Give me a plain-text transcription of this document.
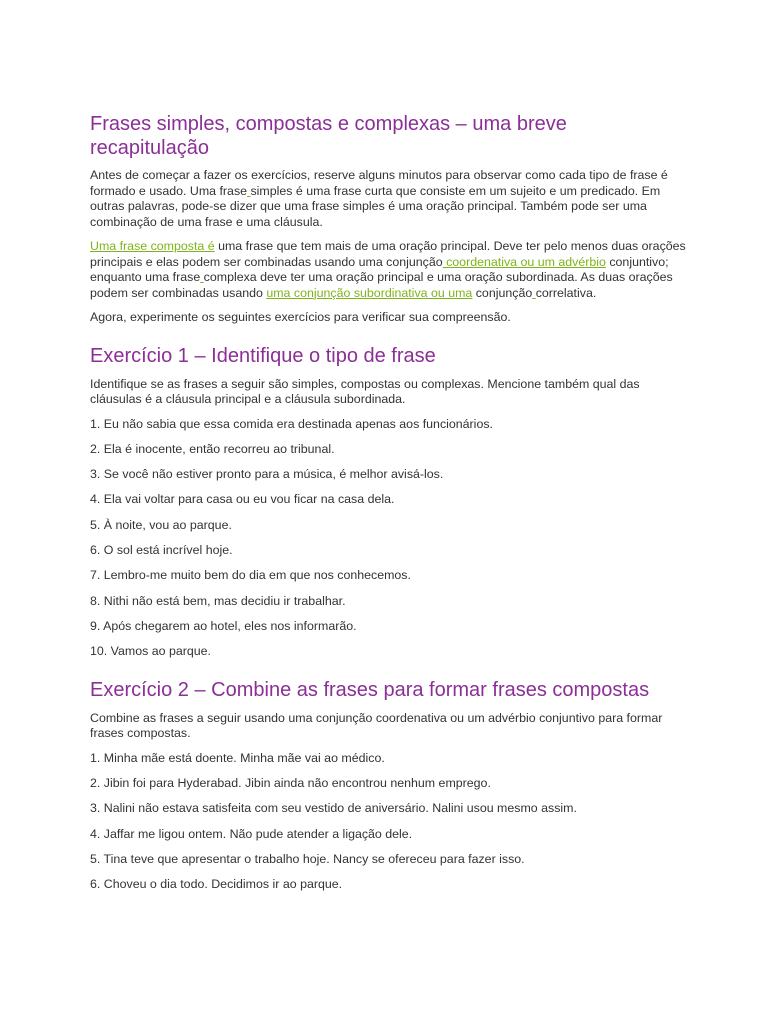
Frases simples, compostas e complexas – uma breve recapitulação

Antes de começar a fazer os exercícios, reserve alguns minutos para observar como cada tipo de frase é formado e usado. Uma frase simples é uma frase curta que consiste em um sujeito e um predicado. Em outras palavras, pode-se dizer que uma frase simples é uma oração principal. Também pode ser uma combinação de uma frase e uma cláusula.

Uma frase composta é uma frase que tem mais de uma oração principal. Deve ter pelo menos duas orações principais e elas podem ser combinadas usando uma conjunção coordenativa ou um advérbio conjuntivo; enquanto uma frase complexa deve ter uma oração principal e uma oração subordinada. As duas orações podem ser combinadas usando uma conjunção subordinativa ou uma conjunção correlativa.

Agora, experimente os seguintes exercícios para verificar sua compreensão.

Exercício 1 – Identifique o tipo de frase

Identifique se as frases a seguir são simples, compostas ou complexas. Mencione também qual das cláusulas é a cláusula principal e a cláusula subordinada.

1. Eu não sabia que essa comida era destinada apenas aos funcionários.

2. Ela é inocente, então recorreu ao tribunal.

3. Se você não estiver pronto para a música, é melhor avisá-los.

4. Ela vai voltar para casa ou eu vou ficar na casa dela.

5. À noite, vou ao parque.

6. O sol está incrível hoje.

7. Lembro-me muito bem do dia em que nos conhecemos.

8. Nithi não está bem, mas decidiu ir trabalhar.

9. Após chegarem ao hotel, eles nos informarão.

10. Vamos ao parque.

Exercício 2 – Combine as frases para formar frases compostas

Combine as frases a seguir usando uma conjunção coordenativa ou um advérbio conjuntivo para formar frases compostas.

1. Minha mãe está doente. Minha mãe vai ao médico.

2. Jibin foi para Hyderabad. Jibin ainda não encontrou nenhum emprego.

3. Nalini não estava satisfeita com seu vestido de aniversário. Nalini usou mesmo assim.

4. Jaffar me ligou ontem. Não pude atender a ligação dele.

5. Tina teve que apresentar o trabalho hoje. Nancy se ofereceu para fazer isso.

6. Choveu o dia todo. Decidimos ir ao parque.
